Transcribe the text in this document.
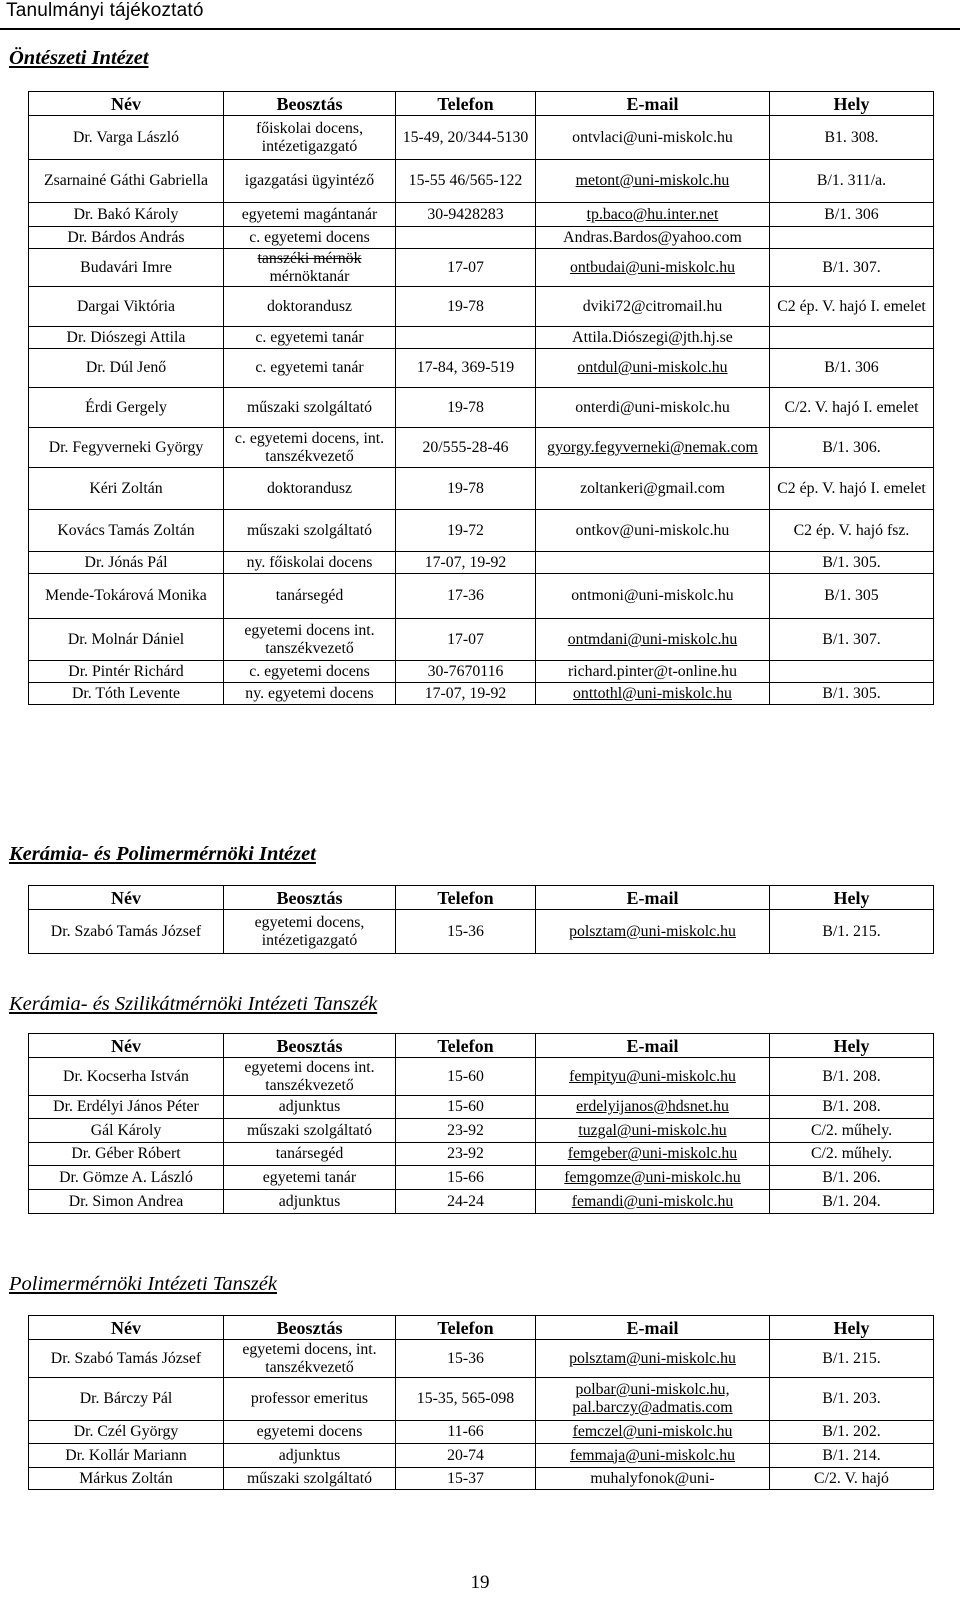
Tanulmányi tájékoztató
Öntészeti Intézet
Név	Beosztás	Telefon	E-mail	Hely
Dr. Varga László	főiskolai docens, intézetigazgató	15-49, 20/344-5130	ontvlaci@uni-miskolc.hu	B1. 308.
Zsarnainé Gáthi Gabriella	igazgatási ügyintéző	15-55 46/565-122	metont@uni-miskolc.hu	B/1. 311/a.
Dr. Bakó Károly	egyetemi magántanár	30-9428283	tp.baco@hu.inter.net	B/1. 306
Dr. Bárdos András	c. egyetemi docens		Andras.Bardos@yahoo.com	
Budavári Imre	tanszéki mérnök mérnöktanár	17-07	ontbudai@uni-miskolc.hu	B/1. 307.
Dargai Viktória	doktorandusz	19-78	dviki72@citromail.hu	C2 ép. V. hajó I. emelet
Dr. Diószegi Attila	c. egyetemi tanár		Attila.Diószegi@jth.hj.se	
Dr. Dúl Jenő	c. egyetemi tanár	17-84, 369-519	ontdul@uni-miskolc.hu	B/1. 306
Érdi Gergely	műszaki szolgáltató	19-78	onterdi@uni-miskolc.hu	C/2. V. hajó I. emelet
Dr. Fegyverneki György	c. egyetemi docens, int. tanszékvezető	20/555-28-46	gyorgy.fegyverneki@nemak.com	B/1. 306.
Kéri Zoltán	doktorandusz	19-78	zoltankeri@gmail.com	C2 ép. V. hajó I. emelet
Kovács Tamás Zoltán	műszaki szolgáltató	19-72	ontkov@uni-miskolc.hu	C2 ép. V. hajó fsz.
Dr. Jónás Pál	ny. főiskolai docens	17-07, 19-92		B/1. 305.
Mende-Tokárová Monika	tanársegéd	17-36	ontmoni@uni-miskolc.hu	B/1. 305
Dr. Molnár Dániel	egyetemi docens int. tanszékvezető	17-07	ontmdani@uni-miskolc.hu	B/1. 307.
Dr. Pintér Richárd	c. egyetemi docens	30-7670116	richard.pinter@t-online.hu	
Dr. Tóth Levente	ny. egyetemi docens	17-07, 19-92	onttothl@uni-miskolc.hu	B/1. 305.
Kerámia- és Polimermérnöki Intézet
Név	Beosztás	Telefon	E-mail	Hely
Dr. Szabó Tamás József	egyetemi docens, intézetigazgató	15-36	polsztam@uni-miskolc.hu	B/1. 215.
Kerámia- és Szilikátmérnöki Intézeti Tanszék
Név	Beosztás	Telefon	E-mail	Hely
Dr. Kocserha István	egyetemi docens int. tanszékvezető	15-60	fempityu@uni-miskolc.hu	B/1. 208.
Dr. Erdélyi János Péter	adjunktus	15-60	erdelyijanos@hdsnet.hu	B/1. 208.
Gál Károly	műszaki szolgáltató	23-92	tuzgal@uni-miskolc.hu	C/2. műhely.
Dr. Géber Róbert	tanársegéd	23-92	femgeber@uni-miskolc.hu	C/2. műhely.
Dr. Gömze A. László	egyetemi tanár	15-66	femgomze@uni-miskolc.hu	B/1. 206.
Dr. Simon Andrea	adjunktus	24-24	femandi@uni-miskolc.hu	B/1. 204.
Polimermérnöki Intézeti Tanszék
Név	Beosztás	Telefon	E-mail	Hely
Dr. Szabó Tamás József	egyetemi docens, int. tanszékvezető	15-36	polsztam@uni-miskolc.hu	B/1. 215.
Dr. Bárczy Pál	professor emeritus	15-35, 565-098	polbar@uni-miskolc.hu, pal.barczy@admatis.com	B/1. 203.
Dr. Czél György	egyetemi docens	11-66	femczel@uni-miskolc.hu	B/1. 202.
Dr. Kollár Mariann	adjunktus	20-74	femmaja@uni-miskolc.hu	B/1. 214.
Márkus Zoltán	műszaki szolgáltató	15-37	muhalyfonok@uni-	C/2. V. hajó
19
